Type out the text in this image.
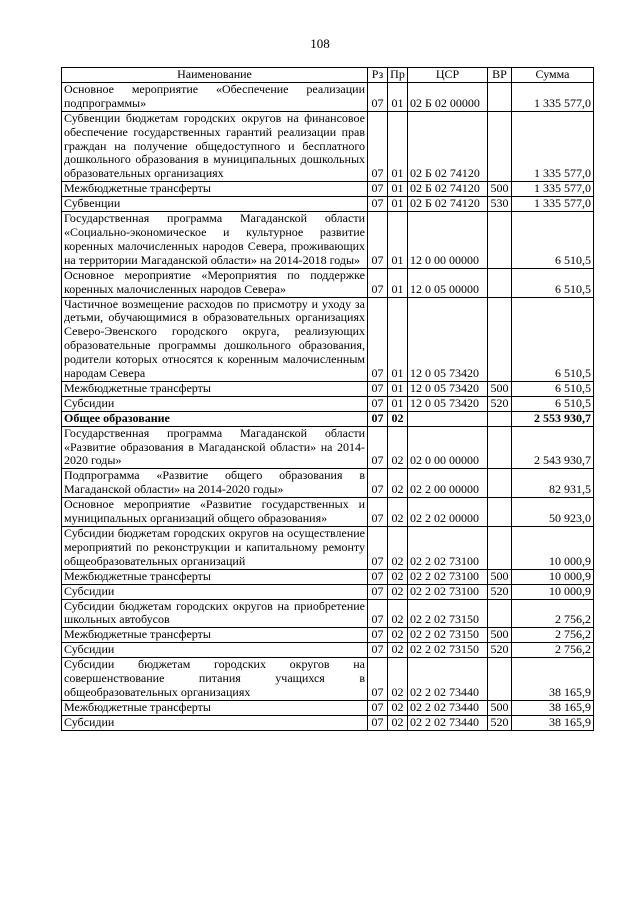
108
Наименование	Рз	Пр	ЦСР	ВР	Сумма
Основное мероприятие «Обеспечение реализации подпрограммы»	07	01	02 Б 02 00000		1 335 577,0
Субвенции бюджетам городских округов на финансовое обеспечение государственных гарантий реализации прав граждан на получение общедоступного и бесплатного дошкольного образования в муниципальных дошкольных образовательных организациях	07	01	02 Б 02 74120		1 335 577,0
Межбюджетные трансферты	07	01	02 Б 02 74120	500	1 335 577,0
Субвенции	07	01	02 Б 02 74120	530	1 335 577,0
Государственная программа Магаданской области «Социально-экономическое и культурное развитие коренных малочисленных народов Севера, проживающих на территории Магаданской области» на 2014-2018 годы»	07	01	12 0 00 00000		6 510,5
Основное мероприятие «Мероприятия по поддержке коренных малочисленных народов Севера»	07	01	12 0 05 00000		6 510,5
Частичное возмещение расходов по присмотру и уходу за детьми, обучающимися в образовательных организациях Северо-Эвенского городского округа, реализующих образовательные программы дошкольного образования, родители которых относятся к коренным малочисленным народам Севера	07	01	12 0 05 73420		6 510,5
Межбюджетные трансферты	07	01	12 0 05 73420	500	6 510,5
Субсидии	07	01	12 0 05 73420	520	6 510,5
Общее образование	07	02			2 553 930,7
Государственная программа Магаданской области «Развитие образования в Магаданской области» на 2014-2020 годы»	07	02	02 0 00 00000		2 543 930,7
Подпрограмма «Развитие общего образования в Магаданской области» на 2014-2020 годы»	07	02	02 2 00 00000		82 931,5
Основное мероприятие «Развитие государственных и муниципальных организаций общего образования»	07	02	02 2 02 00000		50 923,0
Субсидии бюджетам городских округов на осуществление мероприятий по реконструкции и капитальному ремонту общеобразовательных организаций	07	02	02 2 02 73100		10 000,9
Межбюджетные трансферты	07	02	02 2 02 73100	500	10 000,9
Субсидии	07	02	02 2 02 73100	520	10 000,9
Субсидии бюджетам городских округов на приобретение школьных автобусов	07	02	02 2 02 73150		2 756,2
Межбюджетные трансферты	07	02	02 2 02 73150	500	2 756,2
Субсидии	07	02	02 2 02 73150	520	2 756,2
Субсидии бюджетам городских округов на совершенствование питания учащихся в общеобразовательных организациях	07	02	02 2 02 73440		38 165,9
Межбюджетные трансферты	07	02	02 2 02 73440	500	38 165,9
Субсидии	07	02	02 2 02 73440	520	38 165,9
